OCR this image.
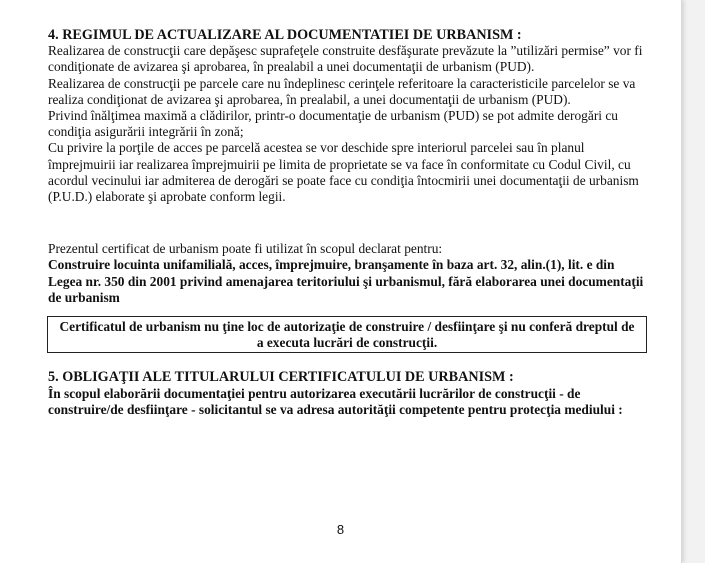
4. REGIMUL DE ACTUALIZARE AL DOCUMENTATIEI DE URBANISM :

Realizarea de construcţii care depăşesc suprafeţele construite desfăşurate prevăzute la ”utilizări permise” vor fi condiţionate de avizarea şi aprobarea, în prealabil a unei documentaţii de urbanism (PUD).

Realizarea de construcţii pe parcele care nu îndeplinesc cerinţele referitoare la caracteristicile parcelelor se va realiza condiţionat de avizarea şi aprobarea, în prealabil, a unei documentaţii de urbanism (PUD).

Privind înălţimea maximă a clădirilor, printr-o documentaţie de urbanism (PUD) se pot admite derogări cu condiţia asigurării integrării în zonă;

Cu privire la porţile de acces pe parcelă acestea se vor deschide spre interiorul parcelei sau în planul împrejmuirii iar realizarea împrejmuirii pe limita de proprietate se va face în conformitate cu Codul Civil, cu acordul vecinului iar admiterea de derogări se poate face cu condiţia întocmirii unei documentaţii de urbanism (P.U.D.) elaborate şi aprobate conform legii.

Prezentul certificat de urbanism poate fi utilizat în scopul declarat pentru:

Construire locuinta unifamilială, acces, împrejmuire, branşamente în baza art. 32, alin.(1), lit. e din Legea nr. 350 din 2001 privind amenajarea teritoriului şi urbanismul, fără elaborarea unei documentaţii de urbanism

Certificatul de urbanism nu ţine loc de autorizaţie de construire / desfiinţare şi nu conferă dreptul de a executa lucrări de construcţii.

5. OBLIGAŢII ALE TITULARULUI CERTIFICATULUI DE URBANISM :

În scopul elaborării documentaţiei pentru autorizarea executării lucrărilor de construcţii - de construire/de desfiinţare - solicitantul se va adresa autorităţii competente pentru protecţia mediului :

8
